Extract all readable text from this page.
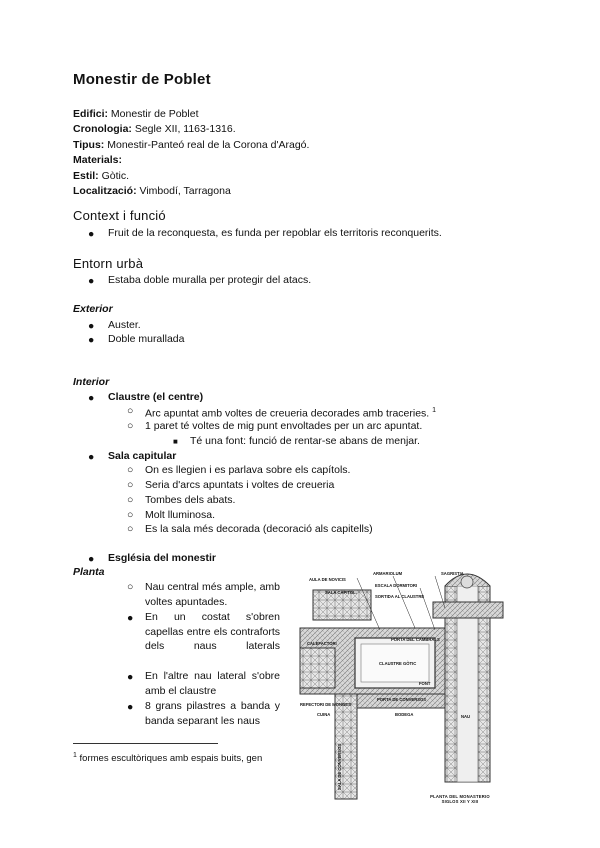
Monestir de Poblet
Edifici: Monestir de Poblet
Cronologia: Segle XII, 1163-1316.
Tipus: Monestir-Panteó real de la Corona d'Aragó.
Materials:
Estil: Gòtic.
Localització: Vimbodí, Tarragona
Context i funció
● Fruit de la reconquesta, es funda per repoblar els territoris reconquerits.
Entorn urbà
● Estaba doble muralla per protegir del atacs.
Exterior
● Auster.
● Doble murallada
Interior
● Claustre (el centre)
○ Arc apuntat amb voltes de creueria decorades amb traceries. $^1$
○ 1 paret té voltes de mig punt envoltades per un arc apuntat.
■ Té una font: funció de rentar-se abans de menjar.
● Sala capitular
○ On es llegien i es parlava sobre els capítols.
○ Seria d'arcs apuntats i voltes de creueria
○ Tombes dels abats.
○ Molt lluminosa.
○ Es la sala més decorada (decoració als capitells)
● Església del monestir
Planta
○ Nau central més ample, amb voltes apuntades.
● En un costat s'obren capellas entre els contraforts dels naus laterals
● En l'altre nau lateral s'obre amb el claustre
● 8 grans pilastres a banda y banda separant les naus
$^1$ formes escultòriques amb espais buits, gen
AULA DE NOVICIS
SALA CAPITOL.
ARMARIOLUM
ESCALA DORMITORI
SAGRISTIA
SORTIDA AL CLAUSTRE
CALEFACTORI
REFECTORI DE MONGES
CLAUSTRE GÒTIC
PORTA DEL CAMBRALS
PORTA DE CONVERSOS
CUINA	BODEGA
SALA DE CONVERSOS
FONT
NAU
PLANTA DEL MONASTERIO
SIGLOS XII Y XIII
